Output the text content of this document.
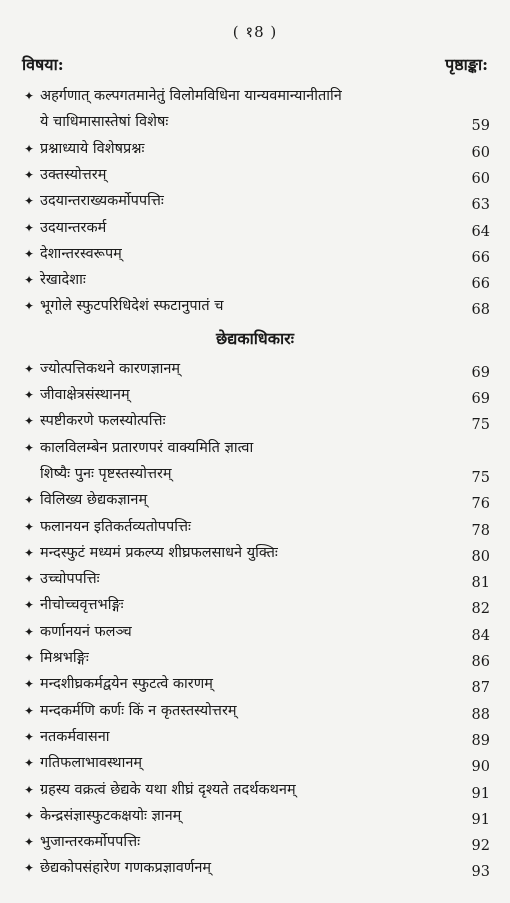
( १8 )
विषया:	पृष्ठाङ्का:
✦ अहर्गणात् कल्पगतमानेतुं विलोमविधिना यान्यवमान्यानीतानि
ये चाधिमासास्तेषां विशेषः	59
✦ प्रश्नाध्याये विशेषप्रश्नः	60
✦ उक्तस्योत्तरम्	60
✦ उदयान्तराख्यकर्मोपपत्तिः	63
✦ उदयान्तरकर्म	64
✦ देशान्तरस्वरूपम्	66
✦ रेखादेशाः	66
✦ भूगोले स्फुटपरिधिदेशं स्फटानुपातं च	68
छेद्यकाधिकारः
✦ ज्योत्पत्तिकथने कारणज्ञानम्	69
✦ जीवाक्षेत्रसंस्थानम्	69
✦ स्पष्टीकरणे फलस्योत्पत्तिः	75
✦ कालविलम्बेन प्रतारणपरं वाक्यमिति ज्ञात्वा
शिष्यैः पुनः पृष्टस्तस्योत्तरम्	75
✦ विलिख्य छेद्यकज्ञानम्	76
✦ फलानयन इतिकर्तव्यतोपपत्तिः	78
✦ मन्दस्फुटं मध्यमं प्रकल्प्य शीघ्रफलसाधने युक्तिः	80
✦ उच्चोपपत्तिः	81
✦ नीचोच्चवृत्तभङ्गिः	82
✦ कर्णानयनं फलञ्च	84
✦ मिश्रभङ्गिः	86
✦ मन्दशीघ्रकर्मद्वयेन स्फुटत्वे कारणम्	87
✦ मन्दकर्मणि कर्णः किं न कृतस्तस्योत्तरम्	88
✦ नतकर्मवासना	89
✦ गतिफलाभावस्थानम्	90
✦ ग्रहस्य वक्रत्वं छेद्यके यथा शीघ्रं दृश्यते तदर्थकथनम्	91
✦ केन्द्रसंज्ञास्फुटकक्षयोः ज्ञानम्	91
✦ भुजान्तरकर्मोपपत्तिः	92
✦ छेद्यकोपसंहारेण गणकप्रज्ञावर्णनम्	93
